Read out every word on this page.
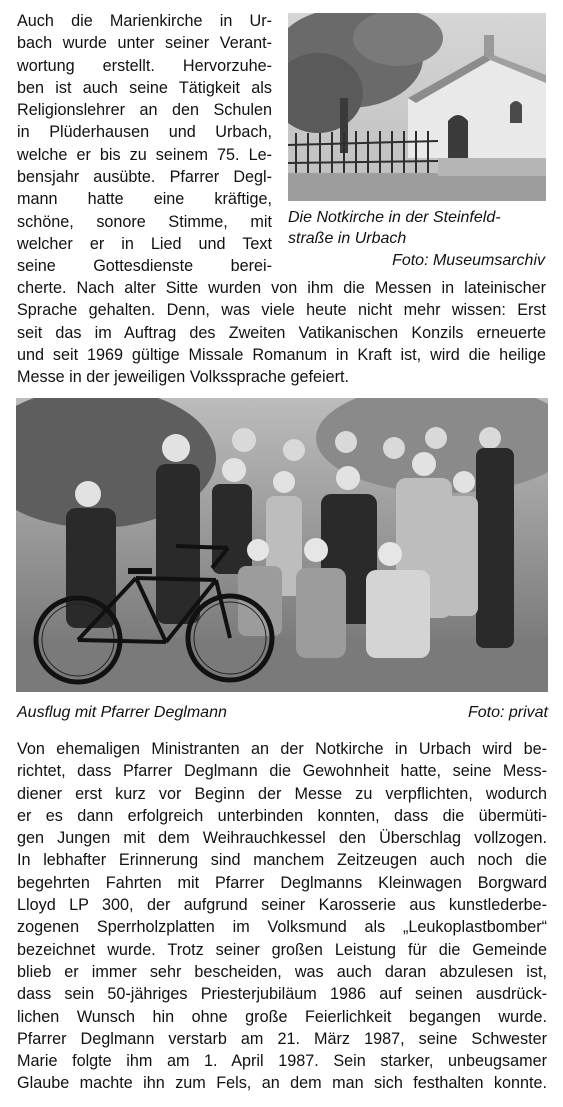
Auch die Marienkirche in Ur-
bach wurde unter seiner Verant-
wortung erstellt. Hervorzuhe-
ben ist auch seine Tätigkeit als
Religionslehrer an den Schulen
in Plüderhausen und Urbach,
welche er bis zu seinem 75. Le-
bensjahr ausübte. Pfarrer Degl-
mann hatte eine kräftige,
schöne, sonore Stimme, mit
welcher er in Lied und Text
seine Gottesdienste berei-
Die Notkirche in der Steinfeld-
straße in Urbach
Foto: Museumsarchiv
cherte. Nach alter Sitte wurden von ihm die Messen in lateinischer
Sprache gehalten. Denn, was viele heute nicht mehr wissen: Erst
seit das im Auftrag des Zweiten Vatikanischen Konzils erneuerte
und seit 1969 gültige Missale Romanum in Kraft ist, wird die heilige
Messe in der jeweiligen Volkssprache gefeiert.
Ausflug mit Pfarrer Deglmann	Foto: privat
Von ehemaligen Ministranten an der Notkirche in Urbach wird be-
richtet, dass Pfarrer Deglmann die Gewohnheit hatte, seine Mess-
diener erst kurz vor Beginn der Messe zu verpflichten, wodurch
er es dann erfolgreich unterbinden konnten, dass die übermüti-
gen Jungen mit dem Weihrauchkessel den Überschlag vollzogen.
In lebhafter Erinnerung sind manchem Zeitzeugen auch noch die
begehrten Fahrten mit Pfarrer Deglmanns Kleinwagen Borgward
Lloyd LP 300, der aufgrund seiner Karosserie aus kunstlederbe-
zogenen Sperrholzplatten im Volksmund als „Leukoplastbomber“
bezeichnet wurde. Trotz seiner großen Leistung für die Gemeinde
blieb er immer sehr bescheiden, was auch daran abzulesen ist,
dass sein 50-jähriges Priesterjubiläum 1986 auf seinen ausdrück-
lichen Wunsch hin ohne große Feierlichkeit begangen wurde.
Pfarrer Deglmann verstarb am 21. März 1987, seine Schwester
Marie folgte ihm am 1. April 1987. Sein starker, unbeugsamer
Glaube machte ihn zum Fels, an dem man sich festhalten konnte.
